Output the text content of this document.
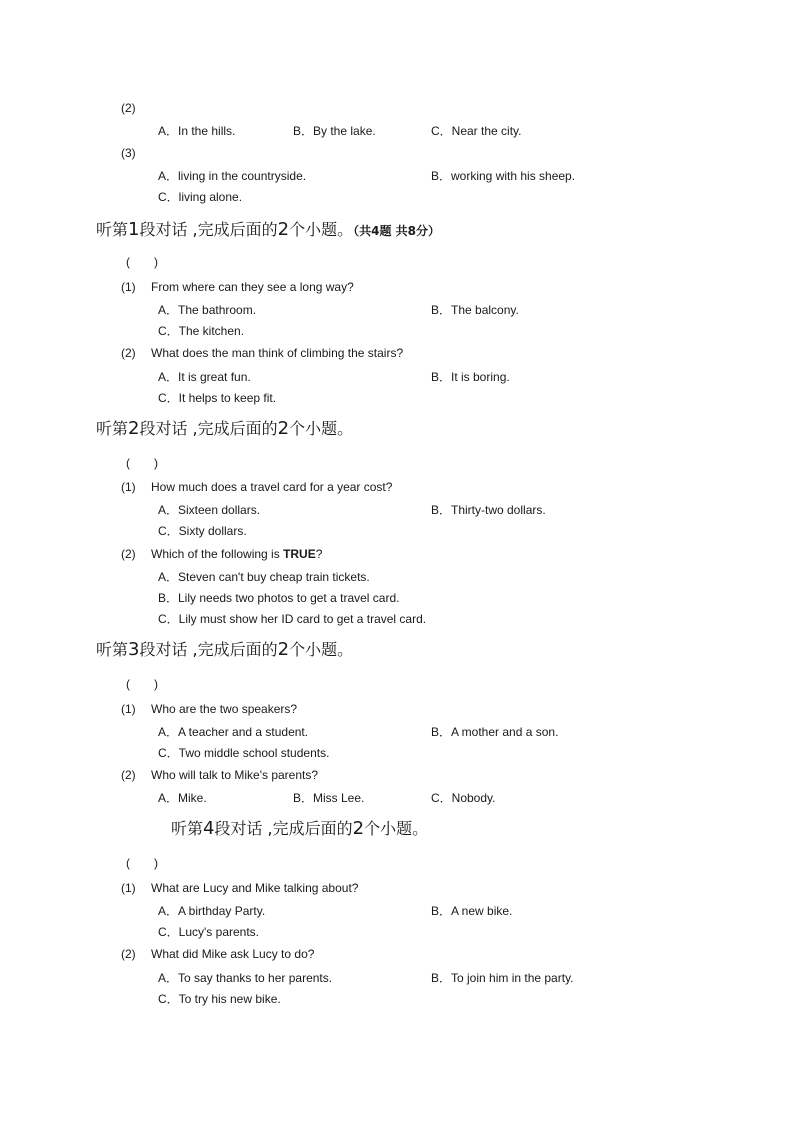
(2)
A．In the hills.	B．By the lake.	C．Near the city.
(3)
A．living in the countryside.	B．working with his sheep.
C．living alone.
听第1段对话 ,完成后面的2个小题。（共4题 共8分）
(　　)
(1) From where can they see a long way?
A．The bathroom.	B．The balcony.
C．The kitchen.
(2) What does the man think of climbing the stairs?
A．It is great fun.	B．It is boring.
C．It helps to keep fit.
听第2段对话 ,完成后面的2个小题。
(　　)
(1) How much does a travel card for a year cost?
A．Sixteen dollars.	B．Thirty-two dollars.
C．Sixty dollars.
(2) Which of the following is TRUE?
A．Steven can't buy cheap train tickets.
B．Lily needs two photos to get a travel card.
C．Lily must show her ID card to get a travel card.
听第3段对话 ,完成后面的2个小题。
(　　)
(1) Who are the two speakers?
A．A teacher and a student.	B．A mother and a son.
C．Two middle school students.
(2) Who will talk to Mike's parents?
A．Mike.	B．Miss Lee.	C．Nobody.
听第4段对话 ,完成后面的2个小题。
(　　)
(1) What are Lucy and Mike talking about?
A．A birthday Party.	B．A new bike.
C．Lucy's parents.
(2) What did Mike ask Lucy to do?
A．To say thanks to her parents.	B．To join him in the party.
C．To try his new bike.
